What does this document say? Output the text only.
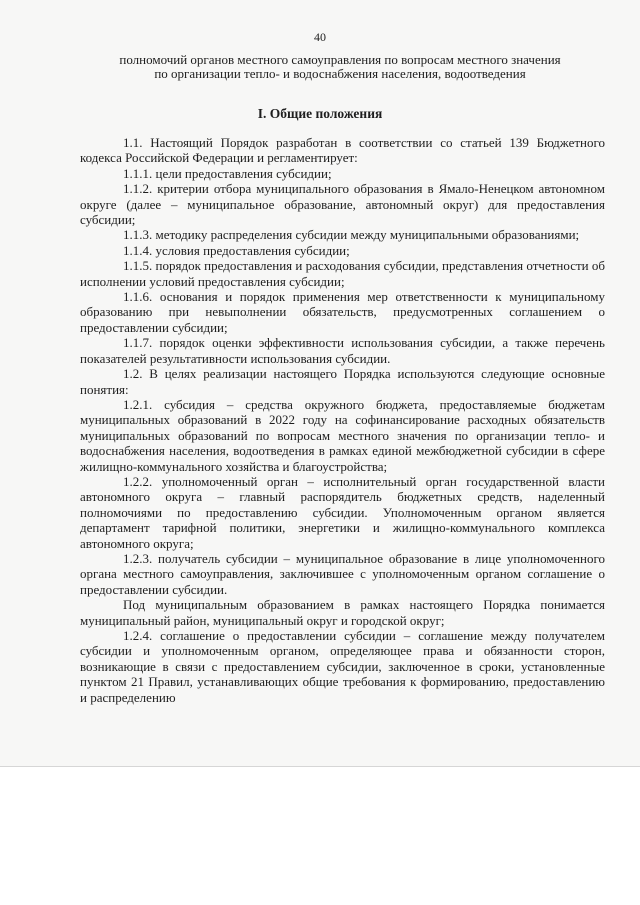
40
полномочий органов местного самоуправления по вопросам местного значения
по организации тепло- и водоснабжения населения, водоотведения
I. Общие положения

1.1. Настоящий Порядок разработан в соответствии со статьей 139 Бюджетного кодекса Российской Федерации и регламентирует:

1.1.1. цели предоставления субсидии;

1.1.2. критерии отбора муниципального образования в Ямало-Ненецком автономном округе (далее – муниципальное образование, автономный округ) для предоставления субсидии;

1.1.3. методику распределения субсидии между муниципальными образованиями;

1.1.4. условия предоставления субсидии;

1.1.5. порядок предоставления и расходования субсидии, представления отчетности об исполнении условий предоставления субсидии;

1.1.6. основания и порядок применения мер ответственности к муниципальному образованию при невыполнении обязательств, предусмотренных соглашением о предоставлении субсидии;

1.1.7. порядок оценки эффективности использования субсидии, а также перечень показателей результативности использования субсидии.

1.2. В целях реализации настоящего Порядка используются следующие основные понятия:

1.2.1. субсидия – средства окружного бюджета, предоставляемые бюджетам муниципальных образований в 2022 году на софинансирование расходных обязательств муниципальных образований по вопросам местного значения по организации тепло- и водоснабжения населения, водоотведения в рамках единой межбюджетной субсидии в сфере жилищно-коммунального хозяйства и благоустройства;

1.2.2. уполномоченный орган – исполнительный орган государственной власти автономного округа – главный распорядитель бюджетных средств, наделенный полномочиями по предоставлению субсидии. Уполномоченным органом является департамент тарифной политики, энергетики и жилищно-коммунального комплекса автономного округа;

1.2.3. получатель субсидии – муниципальное образование в лице уполномоченного органа местного самоуправления, заключившее с уполномоченным органом соглашение о предоставлении субсидии.

Под муниципальным образованием в рамках настоящего Порядка понимается муниципальный район, муниципальный округ и городской округ;

1.2.4. соглашение о предоставлении субсидии – соглашение между получателем субсидии и уполномоченным органом, определяющее права и обязанности сторон, возникающие в связи с предоставлением субсидии, заключенное в сроки, установленные пунктом 21 Правил, устанавливающих общие требования к формированию, предоставлению и распределению
